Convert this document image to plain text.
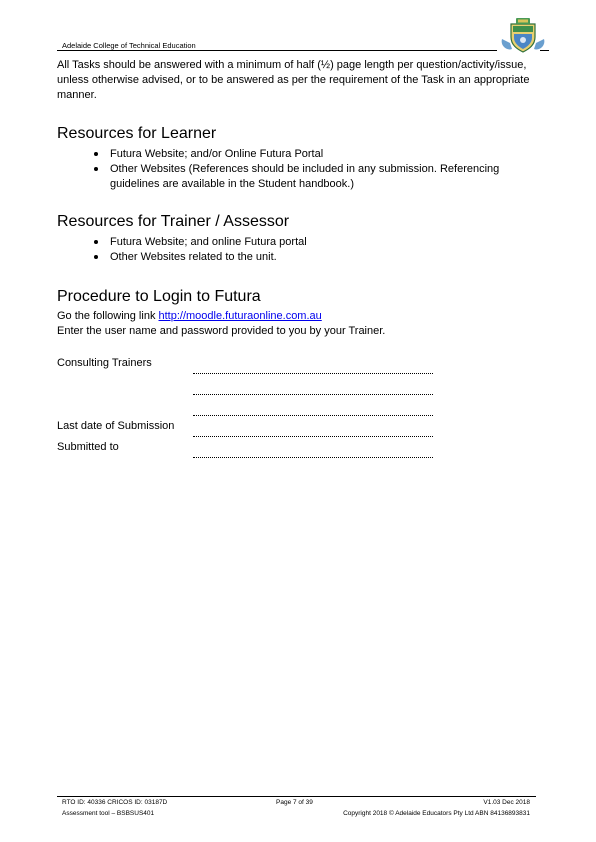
Adelaide College of Technical Education
All Tasks should be answered with a minimum of half (½) page length per question/activity/issue, unless otherwise advised, or to be answered as per the requirement of the Task in an appropriate manner.
Resources for Learner
Futura Website; and/or Online Futura Portal
Other Websites (References should be included in any submission. Referencing guidelines are available in the Student handbook.)
Resources for Trainer / Assessor
Futura Website; and online Futura portal
Other Websites related to the unit.
Procedure to Login to Futura
Go the following link http://moodle.futuraonline.com.au
Enter the user name and password provided to you by your Trainer.
Consulting Trainers
Last date of Submission
Submitted to
RTO ID: 40336 CRICOS ID: 03187D	Page 7 of 39	V1.03 Dec 2018
Assessment tool – BSBSUS401	Copyright 2018 © Adelaide Educators Pty Ltd ABN 84136893831
